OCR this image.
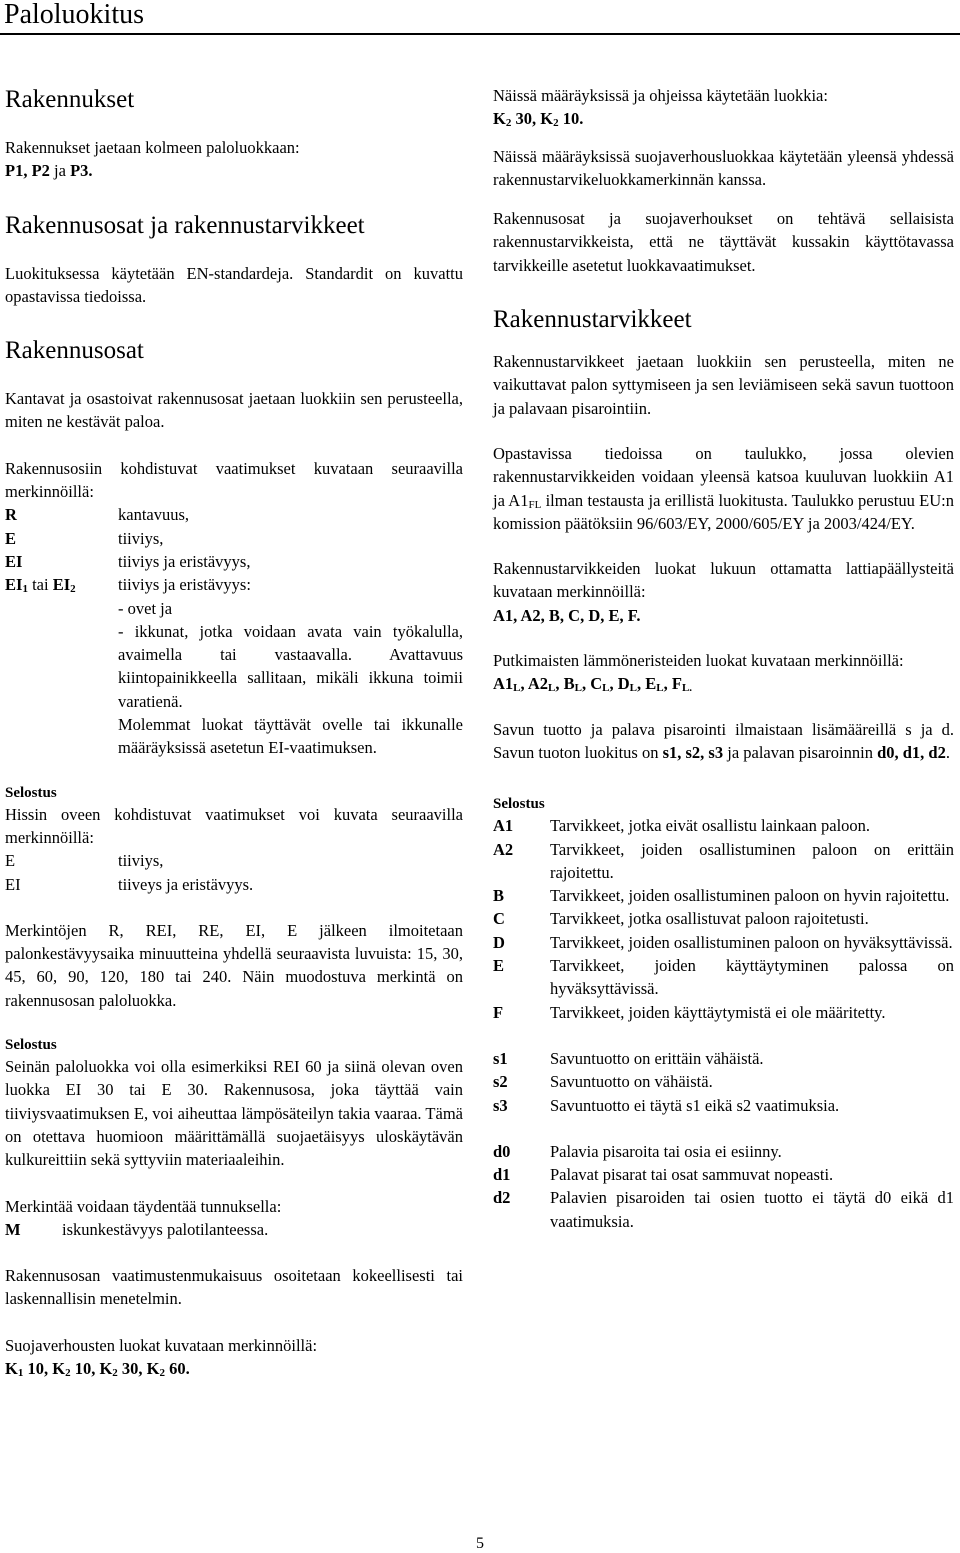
Paloluokitus
Rakennukset

Rakennukset jaetaan kolmeen paloluokkaan:
P1, P2 ja P3.

Rakennusosat ja rakennustarvikkeet

Luokituksessa käytetään EN-standardeja. Standardit on kuvattu opastavissa tiedoissa.

Rakennusosat

Kantavat ja osastoivat rakennusosat jaetaan luokkiin sen perusteella, miten ne kestävät paloa.

Rakennusosiin kohdistuvat vaatimukset kuvataan seuraavilla merkinnöillä:

R	kantavuus,
E	tiiviys,
EI	tiiviys ja eristävyys,
$EI_1$ tai $EI_2$	tiiviys ja eristävyys:
- ovet ja

- ikkunat, jotka voidaan avata vain työkalulla, avaimella tai vastaavalla. Avattavuus kiintopainikkeella sallitaan, mikäli ikkuna toimii varatienä.

Molemmat luokat täyttävät ovelle tai ikkunalle määräyksissä asetetun EI-vaatimuksen.

Selostus

Hissin oveen kohdistuvat vaatimukset voi kuvata seuraavilla merkinnöillä:

E	tiiviys,
EI	tiiveys ja eristävyys.

Merkintöjen R, REI, RE, EI, E jälkeen ilmoitetaan palonkestävyysaika minuutteina yhdellä seuraavista luvuista: 15, 30, 45, 60, 90, 120, 180 tai 240. Näin muodostuva merkintä on rakennusosan paloluokka.

Selostus

Seinän paloluokka voi olla esimerkiksi REI 60 ja siinä olevan oven luokka EI 30 tai E 30. Rakennusosa, joka täyttää vain tiiviysvaatimuksen E, voi aiheuttaa lämpösäteilyn takia vaaraa. Tämä on otettava huomioon määrittämällä suojaetäisyys uloskäytävän kulkureittiin sekä syttyviin materiaaleihin.

Merkintää voidaan täydentää tunnuksella:

M	iskunkestävyys palotilanteessa.

Rakennusosan vaatimustenmukaisuus osoitetaan kokeellisesti tai laskennallisin menetelmin.

Suojaverhousten luokat kuvataan merkinnöillä:

$K_1$ 10, $K_2$ 10, $K_2$ 30, $K_2$ 60.

Näissä määräyksissä ja ohjeissa käytetään luokkia:

$K_2$ 30, $K_2$ 10.

Näissä määräyksissä suojaverhousluokkaa käytetään yleensä yhdessä rakennustarvikeluokkamerkinnän kanssa.

Rakennusosat ja suojaverhoukset on tehtävä sellaisista rakennustarvikkeista, että ne täyttävät kussakin käyttötavassa tarvikkeille asetetut luokkavaatimukset.

Rakennustarvikkeet

Rakennustarvikkeet jaetaan luokkiin sen perusteella, miten ne vaikuttavat palon syttymiseen ja sen leviämiseen sekä savun tuottoon ja palavaan pisarointiin.

Opastavissa tiedoissa on taulukko, jossa olevien rakennustarvikkeiden voidaan yleensä katsoa kuuluvan luokkiin A1 ja $A1_{FL}$ ilman testausta ja erillistä luokitusta. Taulukko perustuu EU:n komission päätöksiin 96/603/EY, 2000/605/EY ja 2003/424/EY.

Rakennustarvikkeiden luokat lukuun ottamatta lattiapäällysteitä kuvataan merkinnöillä:

A1, A2, B, C, D, E, F.

Putkimaisten lämmöneristeiden luokat kuvataan merkinnöillä:

$A1_L$, $A2_L$, $B_L$, $C_L$, $D_L$, $E_L$, $F_{L.}$

Savun tuotto ja palava pisarointi ilmaistaan lisämääreillä s ja d. Savun tuoton luokitus on s1, s2, s3 ja palavan pisaroinnin d0, d1, d2.

Selostus
A1	Tarvikkeet, jotka eivät osallistu lainkaan paloon.

A2	Tarvikkeet, joiden osallistuminen paloon on erittäin rajoitettu.

B	Tarvikkeet, joiden osallistuminen paloon on hyvin rajoitettu.

C	Tarvikkeet, jotka osallistuvat paloon rajoitetusti.

D	Tarvikkeet, joiden osallistuminen paloon on hyväksyttävissä.

E	Tarvikkeet, joiden käyttäytyminen palossa on hyväksyttävissä.

F	Tarvikkeet, joiden käyttäytymistä ei ole määritetty.

s1	Savuntuotto on erittäin vähäistä.

s2	Savuntuotto on vähäistä.

s3	Savuntuotto ei täytä s1 eikä s2 vaatimuksia.

d0	Palavia pisaroita tai osia ei esiinny.

d1	Palavat pisarat tai osat sammuvat nopeasti.

d2	Palavien pisaroiden tai osien tuotto ei täytä d0 eikä d1 vaatimuksia.

5
